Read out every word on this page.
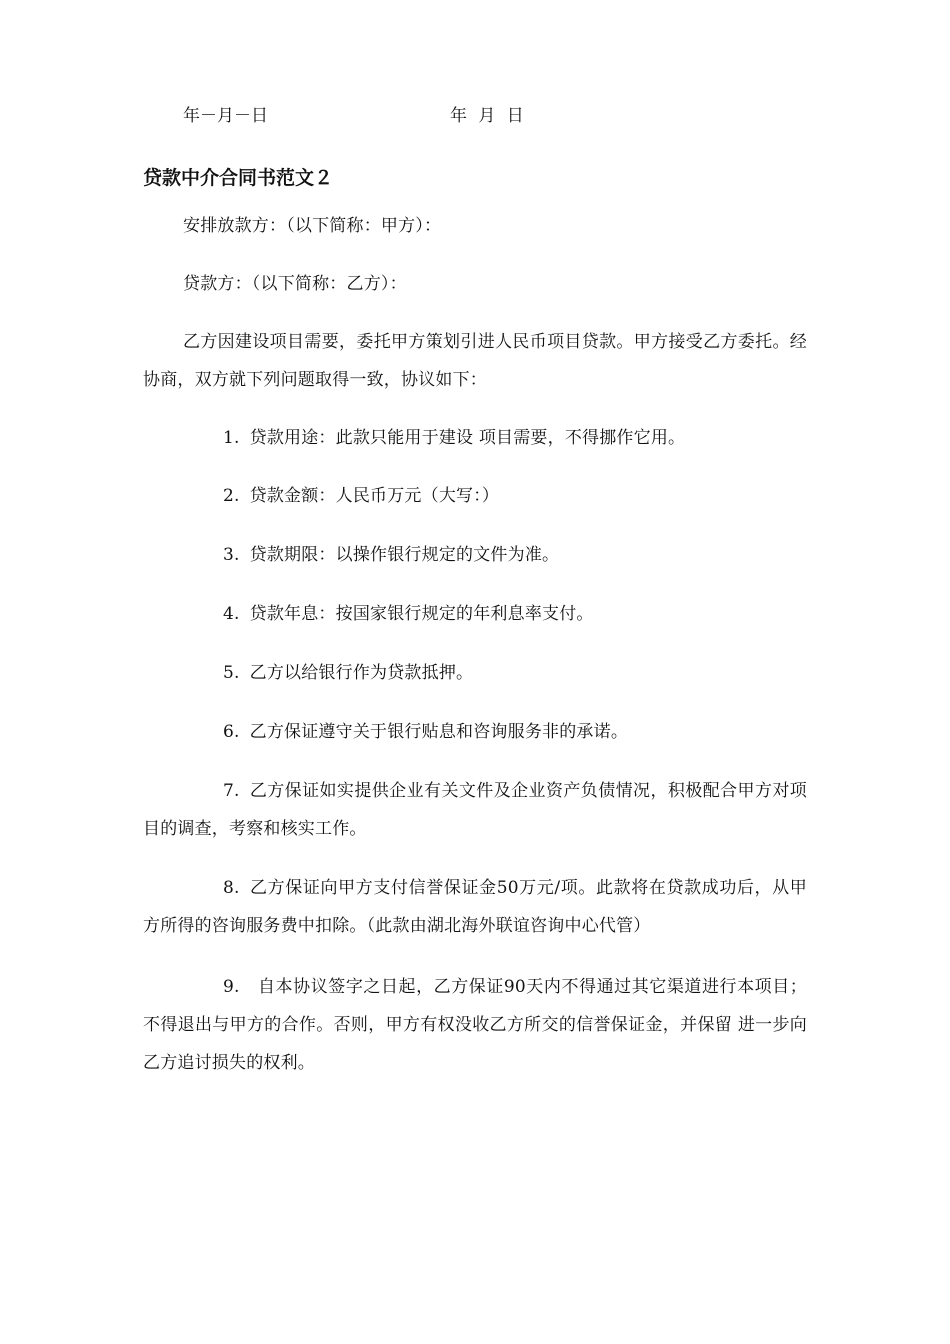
年－月－日	年 月 日
贷款中介合同书范文２

安排放款方：（以下简称：甲方）：

贷款方：（以下简称：乙方）：

乙方因建设项目需要，委托甲方策划引进人民币项目贷款。甲方接受乙方委托。经协商，双方就下列问题取得一致，协议如下：

1. 贷款用途：此款只能用于建设 项目需要，不得挪作它用。

2. 贷款金额：人民币万元（大写：）

3. 贷款期限：以操作银行规定的文件为准。

4. 贷款年息：按国家银行规定的年利息率支付。

5. 乙方以给银行作为贷款抵押。

6. 乙方保证遵守关于银行贴息和咨询服务非的承诺。

7. 乙方保证如实提供企业有关文件及企业资产负债情况，积极配合甲方对项目的调查，考察和核实工作。

8. 乙方保证向甲方支付信誉保证金50万元/项。此款将在贷款成功后，从甲方所得的咨询服务费中扣除。（此款由湖北海外联谊咨询中心代管）

9. 自本协议签字之日起，乙方保证90天内不得通过其它渠道进行本项目； 不得退出与甲方的合作。否则，甲方有权没收乙方所交的信誉保证金，并保留 进一步向乙方追讨损失的权利。
